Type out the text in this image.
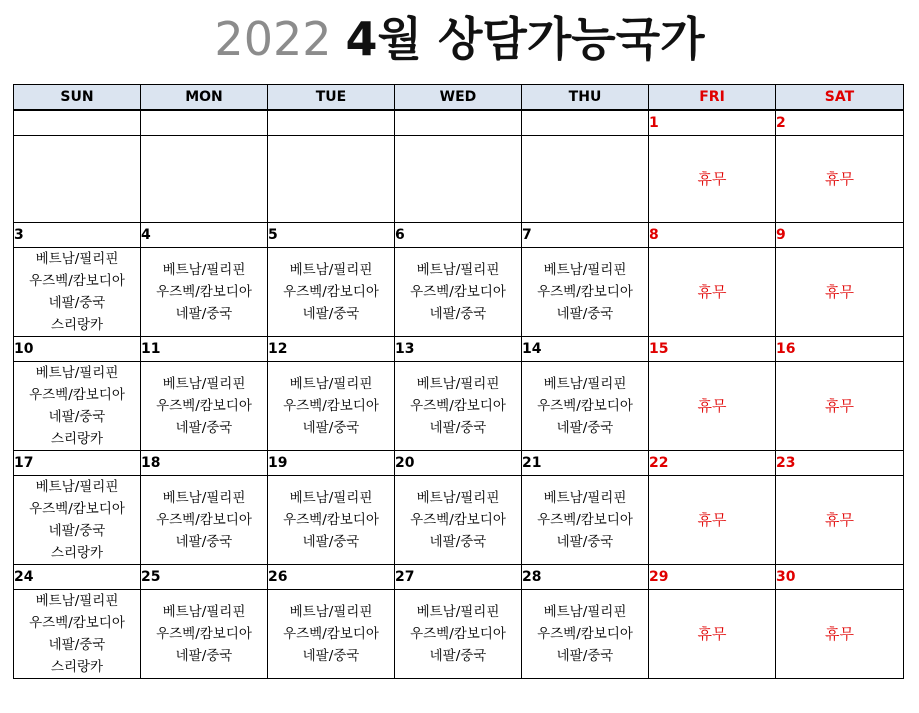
2022 4월 상담가능국가
SUN	MON	TUE	WED	THU	FRI	SAT
					1	2

					휴무	휴무

3	4	5	6	7	8	9

베트남/필리핀
우즈벡/캄보디아
네팔/중국
스리랑카	베트남/필리핀
우즈벡/캄보디아
네팔/중국	베트남/필리핀
우즈벡/캄보디아
네팔/중국	베트남/필리핀
우즈벡/캄보디아
네팔/중국	베트남/필리핀
우즈벡/캄보디아
네팔/중국	휴무	휴무

10	11	12	13	14	15	16

베트남/필리핀
우즈벡/캄보디아
네팔/중국
스리랑카	베트남/필리핀
우즈벡/캄보디아
네팔/중국	베트남/필리핀
우즈벡/캄보디아
네팔/중국	베트남/필리핀
우즈벡/캄보디아
네팔/중국	베트남/필리핀
우즈벡/캄보디아
네팔/중국	휴무	휴무

17	18	19	20	21	22	23

베트남/필리핀
우즈벡/캄보디아
네팔/중국
스리랑카	베트남/필리핀
우즈벡/캄보디아
네팔/중국	베트남/필리핀
우즈벡/캄보디아
네팔/중국	베트남/필리핀
우즈벡/캄보디아
네팔/중국	베트남/필리핀
우즈벡/캄보디아
네팔/중국	휴무	휴무

24	25	26	27	28	29	30

베트남/필리핀
우즈벡/캄보디아
네팔/중국
스리랑카	베트남/필리핀
우즈벡/캄보디아
네팔/중국	베트남/필리핀
우즈벡/캄보디아
네팔/중국	베트남/필리핀
우즈벡/캄보디아
네팔/중국	베트남/필리핀
우즈벡/캄보디아
네팔/중국	휴무	휴무
